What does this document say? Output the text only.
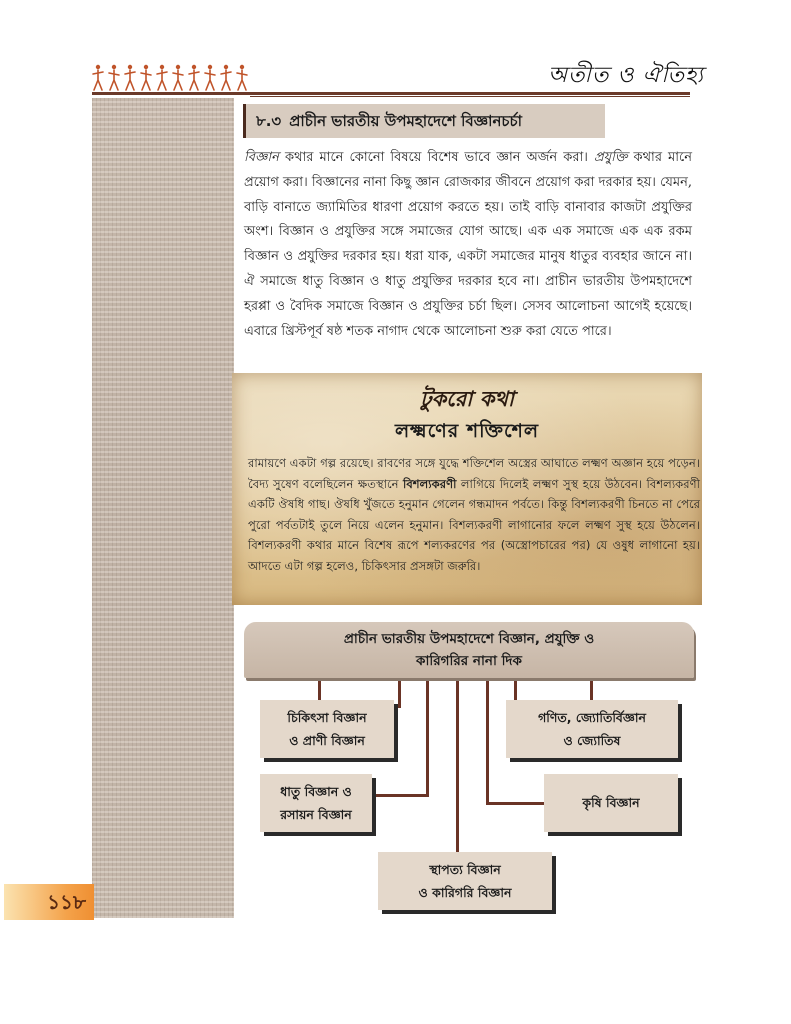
অতীত ও ঐতিহ্য
১১৮
৮.৩ প্রাচীন ভারতীয় উপমহাদেশে বিজ্ঞানচর্চা
বিজ্ঞান কথার মানে কোনো বিষয়ে বিশেষ ভাবে জ্ঞান অর্জন করা। প্রযুক্তি কথার মানে প্রয়োগ করা। বিজ্ঞানের নানা কিছু জ্ঞান রোজকার জীবনে প্রয়োগ করা দরকার হয়। যেমন, বাড়ি বানাতে জ্যামিতির ধারণা প্রয়োগ করতে হয়। তাই বাড়ি বানাবার কাজটা প্রযুক্তির অংশ। বিজ্ঞান ও প্রযুক্তির সঙ্গে সমাজের যোগ আছে। এক এক সমাজে এক এক রকম বিজ্ঞান ও প্রযুক্তির দরকার হয়। ধরা যাক, একটা সমাজের মানুষ ধাতুর ব্যবহার জানে না। ঐ সমাজে ধাতু বিজ্ঞান ও ধাতু প্রযুক্তির দরকার হবে না। প্রাচীন ভারতীয় উপমহাদেশে হরপ্পা ও বৈদিক সমাজে বিজ্ঞান ও প্রযুক্তির চর্চা ছিল। সেসব আলোচনা আগেই হয়েছে। এবারে খ্রিস্টপূর্ব ষষ্ঠ শতক নাগাদ থেকে আলোচনা শুরু করা যেতে পারে।
টুকরো কথা
লক্ষ্মণের শক্তিশেল
রামায়ণে একটা গল্প রয়েছে। রাবণের সঙ্গে যুদ্ধে শক্তিশেল অস্ত্রের আঘাতে লক্ষ্মণ অজ্ঞান হয়ে পড়েন। বৈদ্য সুষেণ বলেছিলেন ক্ষতস্থানে বিশল্যকরণী লাগিয়ে দিলেই লক্ষ্মণ সুস্থ হয়ে উঠবেন। বিশল্যকরণী একটি ঔষধি গাছ। ঔষধি খুঁজতে হনুমান গেলেন গন্ধমাদন পর্বতে। কিন্তু বিশল্যকরণী চিনতে না পেরে পুরো পর্বতটাই তুলে নিয়ে এলেন হনুমান। বিশল্যকরণী লাগানোর ফলে লক্ষ্মণ সুস্থ হয়ে উঠলেন। বিশল্যকরণী কথার মানে বিশেষ রূপে শল্যকরণের পর (অস্ত্রোপচারের পর) যে ওষুধ লাগানো হয়। আদতে এটা গল্প হলেও, চিকিৎসার প্রসঙ্গটা জরুরি।
প্রাচীন ভারতীয় উপমহাদেশে বিজ্ঞান, প্রযুক্তি ও
কারিগরির নানা দিক
চিকিৎসা বিজ্ঞান
ও প্রাণী বিজ্ঞান
গণিত, জ্যোতির্বিজ্ঞান
ও জ্যোতিষ
ধাতু বিজ্ঞান ও
রসায়ন বিজ্ঞান
কৃষি বিজ্ঞান
স্থাপত্য বিজ্ঞান
ও কারিগরি বিজ্ঞান
